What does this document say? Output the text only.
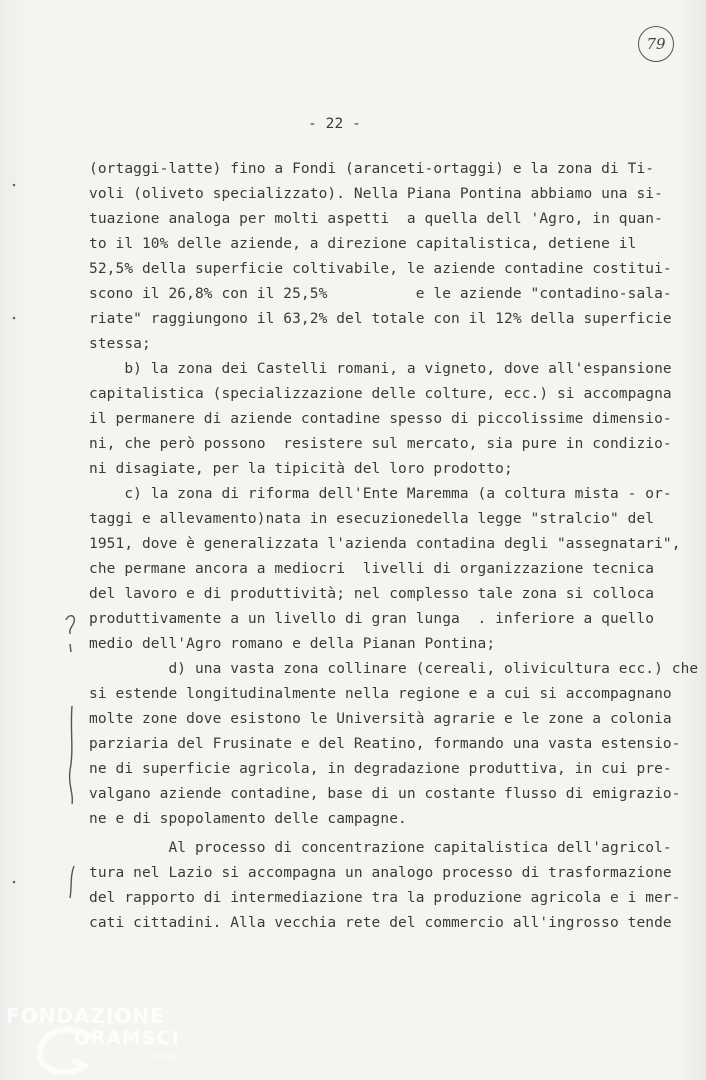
79
- 22 -
(ortaggi-latte) fino a Fondi (aranceti-ortaggi) e la zona di Ti-
voli (oliveto specializzato). Nella Piana Pontina abbiamo una si-
tuazione analoga per molti aspetti  a quella dell 'Agro, in quan-
to il 10% delle aziende, a direzione capitalistica, detiene il
52,5% della superficie coltivabile, le aziende contadine costitui-
scono il 26,8% con il 25,5%          e le aziende "contadino-sala-
riate" raggiungono il 63,2% del totale con il 12% della superficie
stessa;
b) la zona dei Castelli romani, a vigneto, dove all'espansione
capitalistica (specializzazione delle colture, ecc.) si accompagna
il permanere di aziende contadine spesso di piccolissime dimensio-
ni, che però possono  resistere sul mercato, sia pure in condizio-
ni disagiate, per la tipicità del loro prodotto;
c) la zona di riforma dell'Ente Maremma (a coltura mista - or-
taggi e allevamento)nata in esecuzionedella legge "stralcio" del
1951, dove è generalizzata l'azienda contadina degli "assegnatari",
che permane ancora a mediocri  livelli di organizzazione tecnica
del lavoro e di produttività; nel complesso tale zona si colloca
produttivamente a un livello di gran lunga  . inferiore a quello
medio dell'Agro romano e della Pianan Pontina;
d) una vasta zona collinare (cereali, olivicultura ecc.) che
si estende longitudinalmente nella regione e a cui si accompagnano
molte zone dove esistono le Università agrarie e le zone a colonia
parziaria del Frusinate e del Reatino, formando una vasta estensio-
ne di superficie agricola, in degradazione produttiva, in cui pre-
valgano aziende contadine, base di un costante flusso di emigrazio-
ne e di spopolamento delle campagne.
Al processo di concentrazione capitalistica dell'agricol-
tura nel Lazio si accompagna un analogo processo di trasformazione
del rapporto di intermediazione tra la produzione agricola e i mer-
cati cittadini. Alla vecchia rete del commercio all'ingrosso tende
FONDAZIONE
GRAMSCI
onlus
